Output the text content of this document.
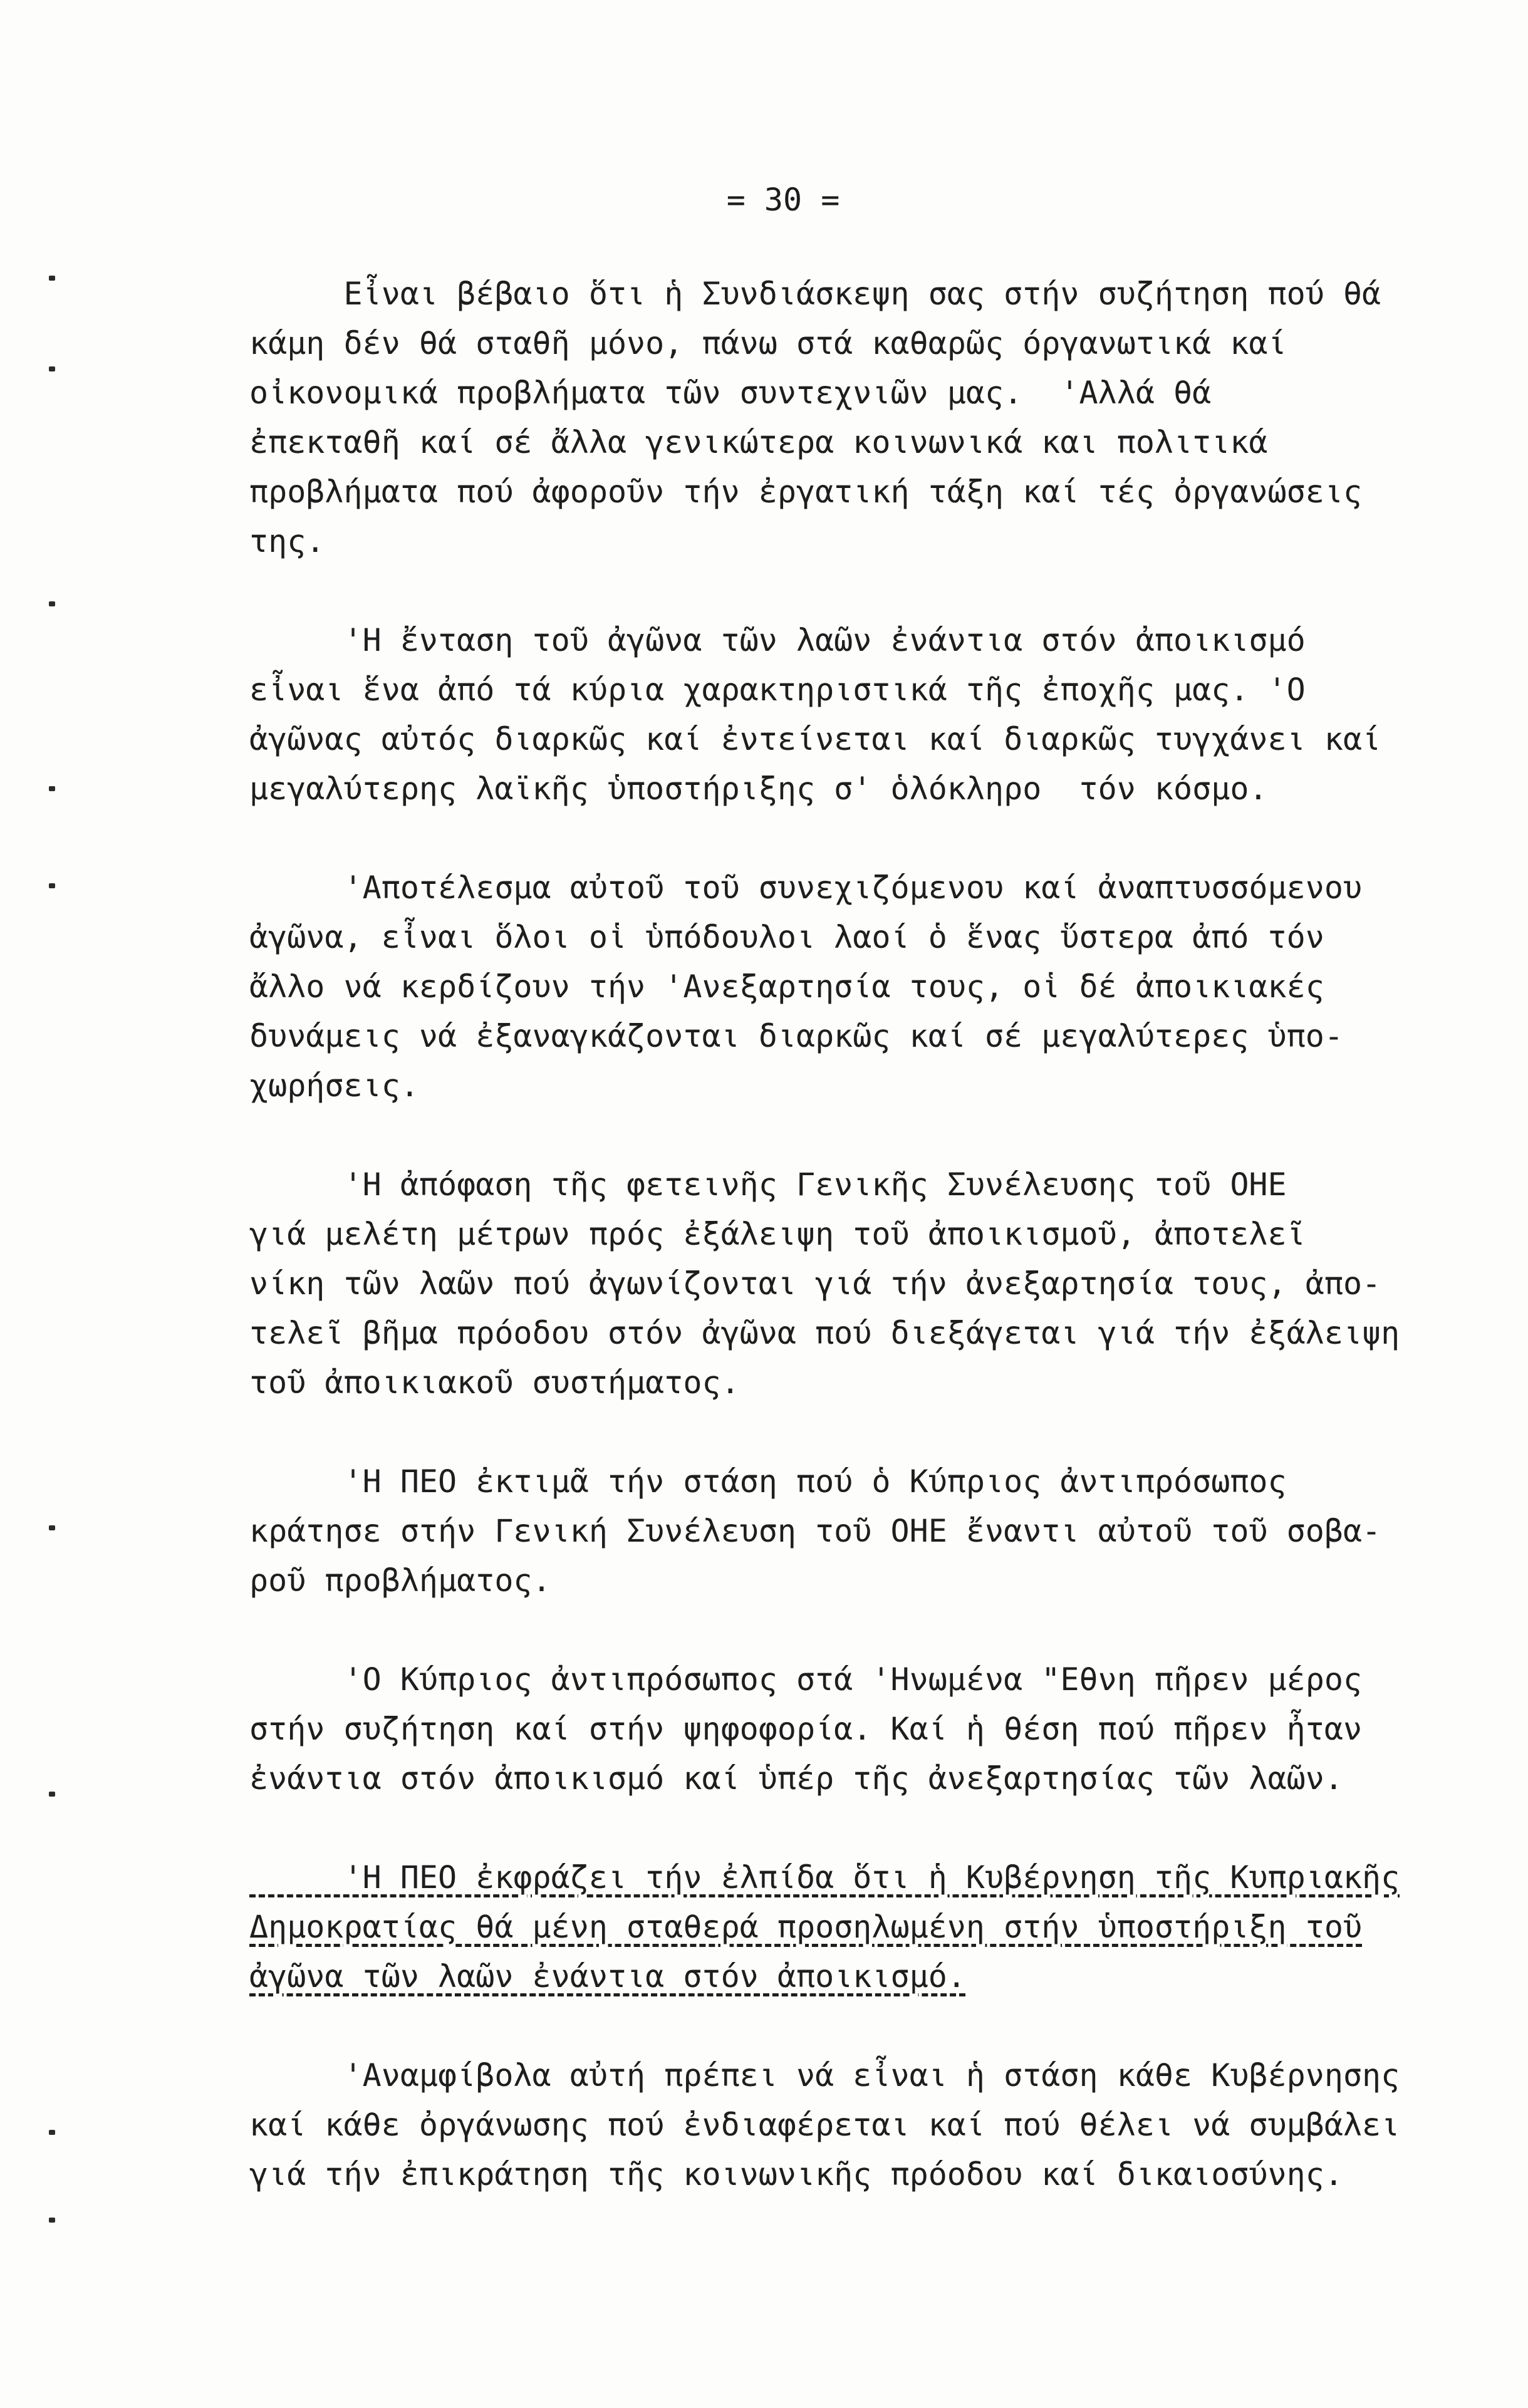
= 30 =

Εἶναι βέβαιο ὅτι ἡ Συνδιάσκεψη σας στήν συζήτηση πού θά
κάμη δέν θά σταθῆ μόνο, πάνω στά καθαρῶς όργανωτικά καί
οἰκονομικά προβλήματα τῶν συντεχνιῶν μας.  'Αλλά θά
ἐπεκταθῆ καί σέ ἄλλα γενικώτερα κοινωνικά και πολιτικά
προβλήματα πού ἀφοροῦν τήν ἐργατική τάξη καί τές ὀργανώσεις
της.

'Η ἔνταση τοῦ ἀγῶνα τῶν λαῶν ἐνάντια στόν ἀποικισμό
εἶναι ἕνα ἀπό τά κύρια χαρακτηριστικά τῆς ἐποχῆς μας. 'Ο
ἀγῶνας αὐτός διαρκῶς καί ἐντείνεται καί διαρκῶς τυγχάνει καί
μεγαλύτερης λαϊκῆς ὑποστήριξης σ' ὁλόκληρο  τόν κόσμο.

'Αποτέλεσμα αὐτοῦ τοῦ συνεχιζόμενου καί ἀναπτυσσόμενου
ἀγῶνα, εἶναι ὅλοι οἱ ὑπόδουλοι λαοί ὁ ἕνας ὕστερα ἀπό τόν
ἄλλο νά κερδίζουν τήν 'Ανεξαρτησία τους, οἱ δέ ἀποικιακές
δυνάμεις νά ἐξαναγκάζονται διαρκῶς καί σέ μεγαλύτερες ὑπο-
χωρήσεις.

'Η ἀπόφαση τῆς φετεινῆς Γενικῆς Συνέλευσης τοῦ ΟΗΕ
γιά μελέτη μέτρων πρός ἐξάλειψη τοῦ ἀποικισμοῦ, ἀποτελεῖ
νίκη τῶν λαῶν πού ἀγωνίζονται γιά τήν ἀνεξαρτησία τους, ἀπο-
τελεῖ βῆμα πρόοδου στόν ἀγῶνα πού διεξάγεται γιά τήν ἐξάλειψη
τοῦ ἀποικιακοῦ συστήματος.

'Η ΠΕΟ ἐκτιμᾶ τήν στάση πού ὁ Κύπριος ἀντιπρόσωπος
κράτησε στήν Γενική Συνέλευση τοῦ ΟΗΕ ἔναντι αὐτοῦ τοῦ σοβα-
ροῦ προβλήματος.

'Ο Κύπριος ἀντιπρόσωπος στά 'Ηνωμένα "Εθνη πῆρεν μέρος
στήν συζήτηση καί στήν ψηφοφορία. Καί ἡ θέση πού πῆρεν ἦταν
ἐνάντια στόν ἀποικισμό καί ὑπέρ τῆς ἀνεξαρτησίας τῶν λαῶν.

'Η ΠΕΟ ἐκφράζει τήν ἐλπίδα ὅτι ἡ Κυβέρνηση τῆς Κυπριακῆς
Δημοκρατίας θά μένη σταθερά προσηλωμένη στήν ὑποστήριξη τοῦ
ἀγῶνα τῶν λαῶν ἐνάντια στόν ἀποικισμό.

'Αναμφίβολα αὐτή πρέπει νά εἶναι ἡ στάση κάθε Κυβέρνησης
καί κάθε ὀργάνωσης πού ἐνδιαφέρεται καί πού θέλει νά συμβάλει
γιά τήν ἐπικράτηση τῆς κοινωνικῆς πρόοδου καί δικαιοσύνης.
